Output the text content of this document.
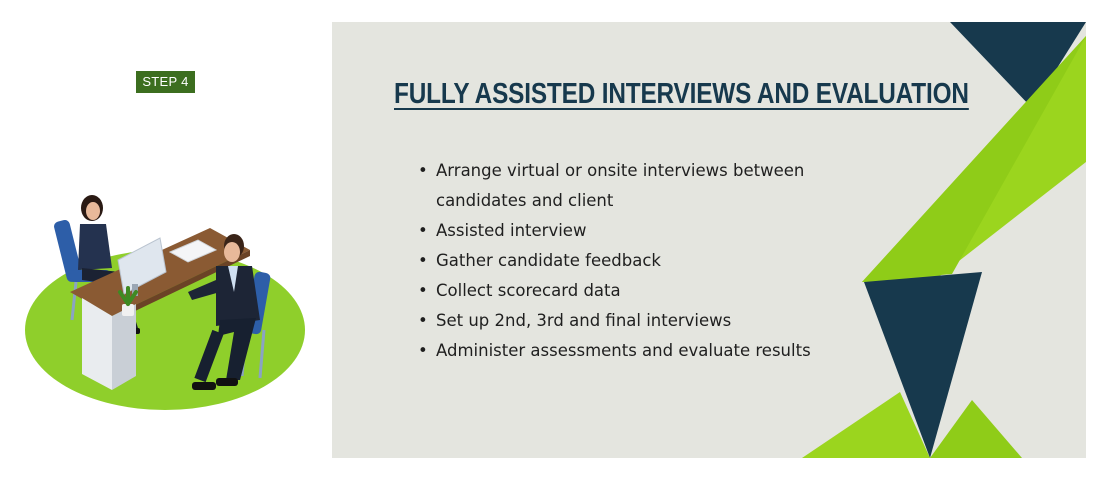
STEP 4	FULLY ASSISTED INTERVIEWS AND EVALUATION
• Arrange virtual or onsite interviews between candidates and client
• Assisted interview
• Gather candidate feedback
• Collect scorecard data
• Set up 2nd, 3rd and final interviews
• Administer assessments and evaluate results
